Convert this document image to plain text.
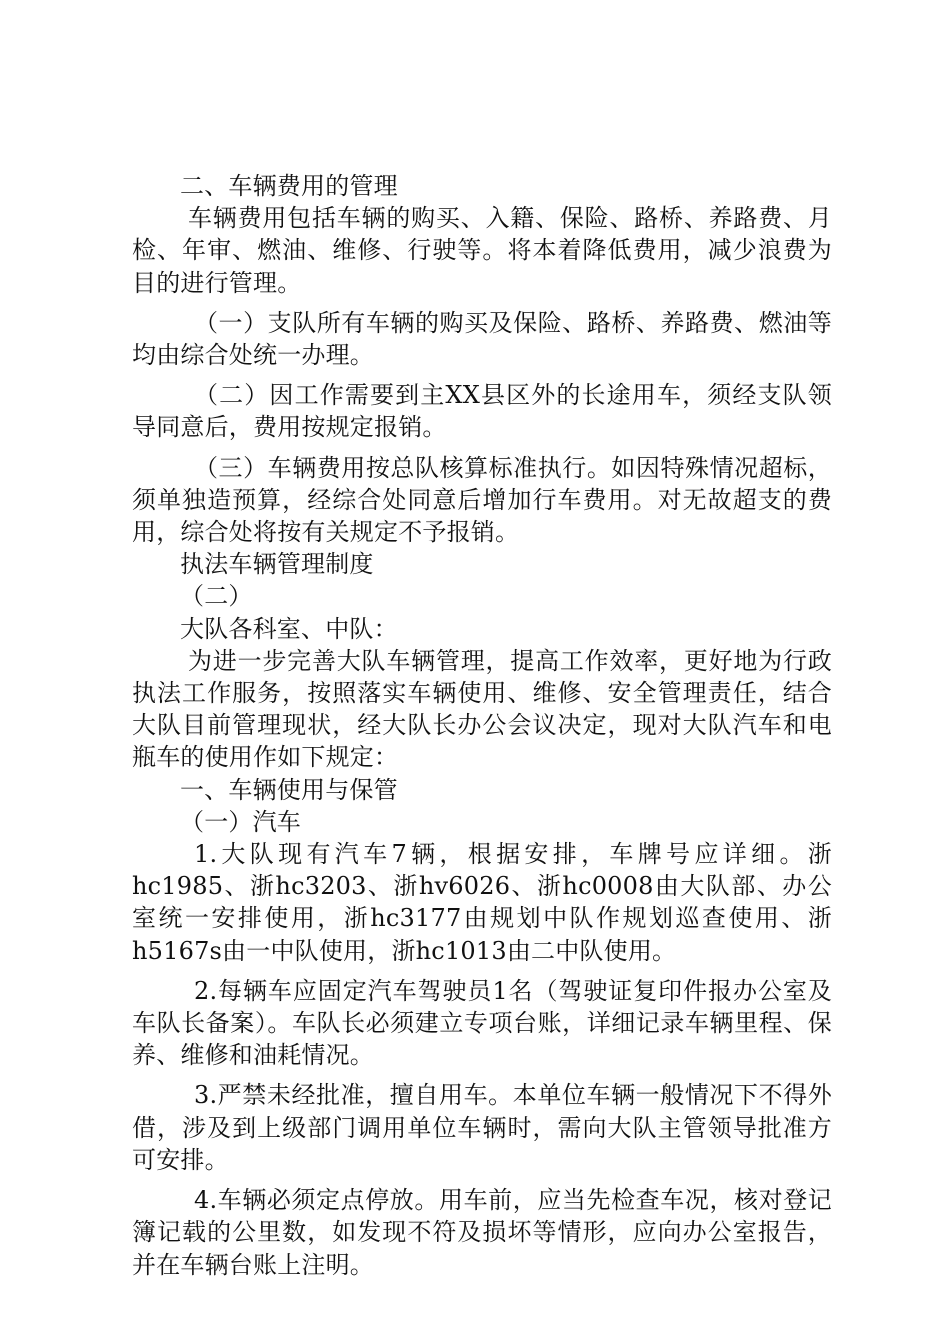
二、车辆费用的管理

车辆费用包括车辆的购买、入籍、保险、路桥、养路费、月检、年审、燃油、维修、行驶等。将本着降低费用，减少浪费为目的进行管理。

（一）支队所有车辆的购买及保险、路桥、养路费、燃油等均由综合处统一办理。

（二）因工作需要到主XX县区外的长途用车，须经支队领导同意后，费用按规定报销。

（三）车辆费用按总队核算标准执行。如因特殊情况超标，须单独造预算，经综合处同意后增加行车费用。对无故超支的费用，综合处将按有关规定不予报销。

执法车辆管理制度

（二）

大队各科室、中队：

为进一步完善大队车辆管理，提高工作效率，更好地为行政执法工作服务，按照落实车辆使用、维修、安全管理责任，结合大队目前管理现状，经大队长办公会议决定，现对大队汽车和电瓶车的使用作如下规定：

一、车辆使用与保管

（一）汽车

1.大队现有汽车7辆，根据安排，车牌号应详细。浙hc1985、浙hc3203、浙hv6026、浙hc0008由大队部、办公室统一安排使用，浙hc3177由规划中队作规划巡查使用、浙h5167s由一中队使用，浙hc1013由二中队使用。

2.每辆车应固定汽车驾驶员1名（驾驶证复印件报办公室及车队长备案）。车队长必须建立专项台账，详细记录车辆里程、保养、维修和油耗情况。

3.严禁未经批准，擅自用车。本单位车辆一般情况下不得外借，涉及到上级部门调用单位车辆时，需向大队主管领导批准方可安排。

4.车辆必须定点停放。用车前，应当先检查车况，核对登记簿记载的公里数，如发现不符及损坏等情形，应向办公室报告，并在车辆台账上注明。
